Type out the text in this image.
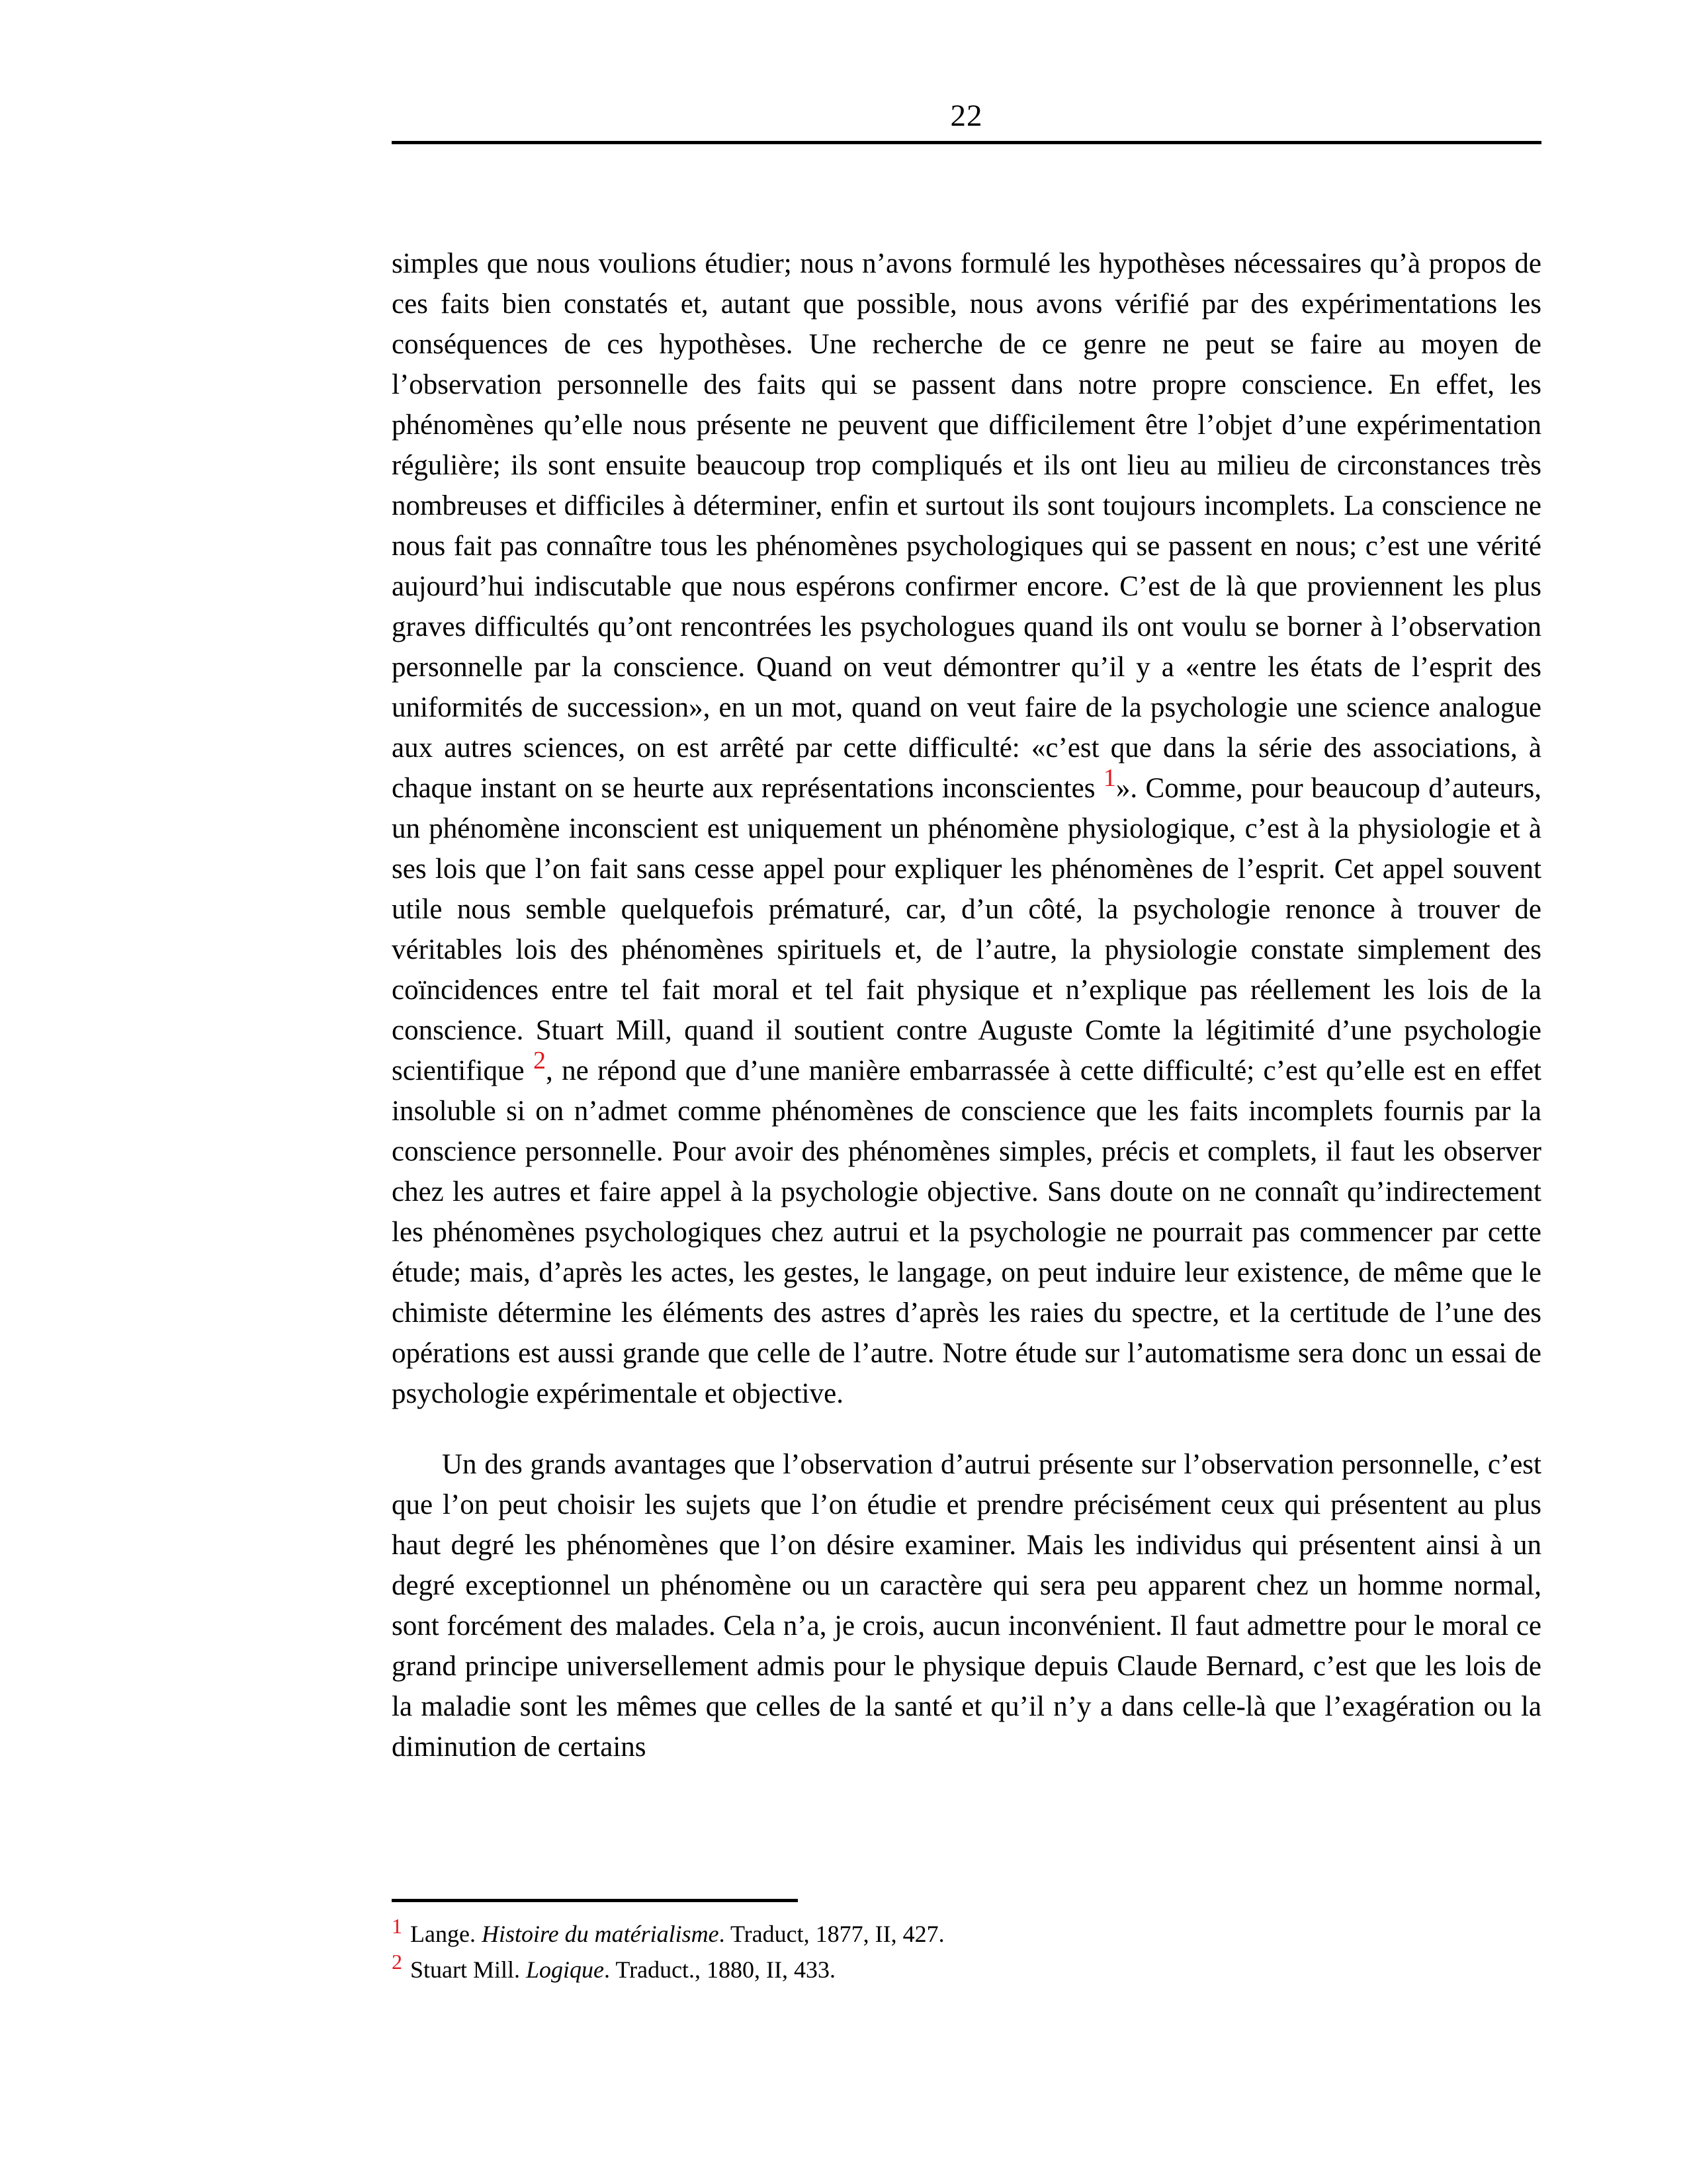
22

simples que nous voulions étudier; nous n’avons formulé les hypothèses nécessaires qu’à propos de ces faits bien constatés et, autant que possible, nous avons vérifié par des expérimentations les conséquences de ces hypothèses. Une recherche de ce genre ne peut se faire au moyen de l’observation personnelle des faits qui se passent dans notre propre conscience. En effet, les phénomènes qu’elle nous présente ne peuvent que difficilement être l’objet d’une expérimentation régulière; ils sont ensuite beaucoup trop compliqués et ils ont lieu au milieu de circonstances très nombreuses et difficiles à déterminer, enfin et surtout ils sont toujours incomplets. La conscience ne nous fait pas connaître tous les phénomènes psychologiques qui se passent en nous; c’est une vérité aujourd’hui indiscutable que nous espérons confirmer encore. C’est de là que proviennent les plus graves difficultés qu’ont rencontrées les psychologues quand ils ont voulu se borner à l’observation personnelle par la conscience. Quand on veut démontrer qu’il y a «entre les états de l’esprit des uniformités de succession», en un mot, quand on veut faire de la psychologie une science analogue aux autres sciences, on est arrêté par cette difficulté: «c’est que dans la série des associations, à chaque instant on se heurte aux représentations inconscientes $^1$». Comme, pour beaucoup d’auteurs, un phénomène inconscient est uniquement un phénomène physiologique, c’est à la physiologie et à ses lois que l’on fait sans cesse appel pour expliquer les phénomènes de l’esprit. Cet appel souvent utile nous semble quelquefois prématuré, car, d’un côté, la psychologie renonce à trouver de véritables lois des phénomènes spirituels et, de l’autre, la physiologie constate simplement des coïncidences entre tel fait moral et tel fait physique et n’explique pas réellement les lois de la conscience. Stuart Mill, quand il soutient contre Auguste Comte la légitimité d’une psychologie scientifique $^2$, ne répond que d’une manière embarrassée à cette difficulté; c’est qu’elle est en effet insoluble si on n’admet comme phénomènes de conscience que les faits incomplets fournis par la conscience personnelle. Pour avoir des phénomènes simples, précis et complets, il faut les observer chez les autres et faire appel à la psychologie objective. Sans doute on ne connaît qu’indirectement les phénomènes psychologiques chez autrui et la psychologie ne pourrait pas commencer par cette étude; mais, d’après les actes, les gestes, le langage, on peut induire leur existence, de même que le chimiste détermine les éléments des astres d’après les raies du spectre, et la certitude de l’une des opérations est aussi grande que celle de l’autre. Notre étude sur l’automatisme sera donc un essai de psychologie expérimentale et objective.

Un des grands avantages que l’observation d’autrui présente sur l’observation personnelle, c’est que l’on peut choisir les sujets que l’on étudie et prendre précisément ceux qui présentent au plus haut degré les phénomènes que l’on désire examiner. Mais les individus qui présentent ainsi à un degré exceptionnel un phénomène ou un caractère qui sera peu apparent chez un homme normal, sont forcément des malades. Cela n’a, je crois, aucun inconvénient. Il faut admettre pour le moral ce grand principe universellement admis pour le physique depuis Claude Bernard, c’est que les lois de la maladie sont les mêmes que celles de la santé et qu’il n’y a dans celle-là que l’exagération ou la diminution de certains

$^1$ Lange. Histoire du matérialisme. Traduct, 1877, II, 427.
$^2$ Stuart Mill. Logique. Traduct., 1880, II, 433.
